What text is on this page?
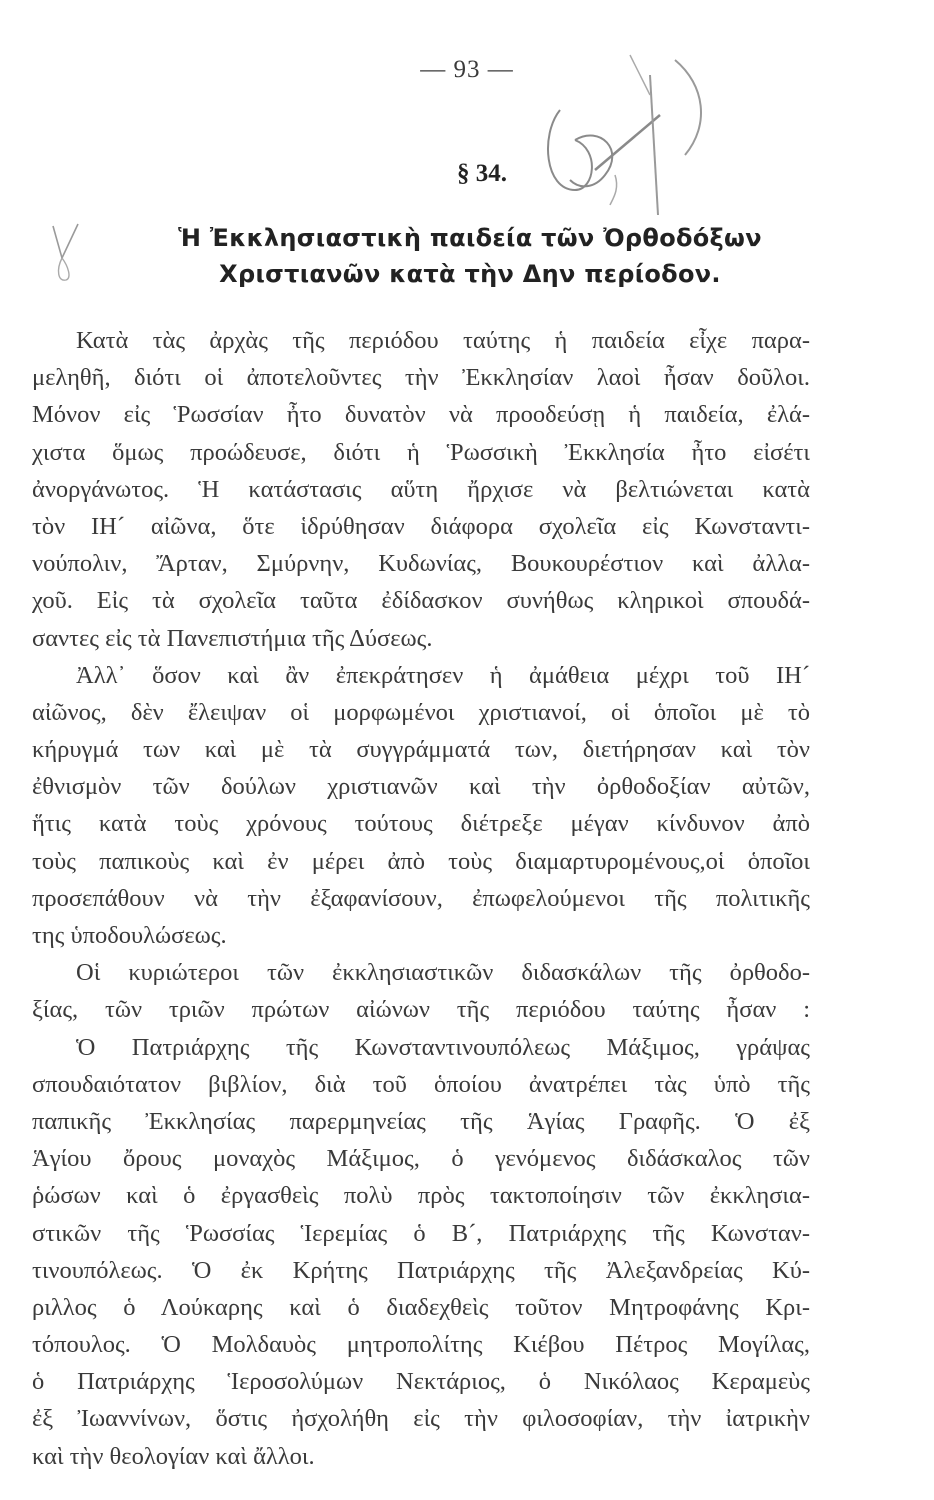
— 93 —
§ 34.
Ἡ Ἐκκλησιαστικὴ παιδεία τῶν Ὀρθοδόξων
Χριστιανῶν κατὰ τὴν Δην περίοδον.
Κατὰ τὰς ἀρχὰς τῆς περιόδου ταύτης ἡ παιδεία εἶχε παρα-
μεληθῆ, διότι οἱ ἀποτελοῦντες τὴν Ἐκκλησίαν λαοὶ ἦσαν δοῦλοι.
Μόνον εἰς Ῥωσσίαν ἦτο δυνατὸν νὰ προοδεύσῃ ἡ παιδεία, ἐλά-
χιστα ὅμως προώδευσε, διότι ἡ Ῥωσσικὴ Ἐκκλησία ἦτο εἰσέτι
ἀνοργάνωτος. Ἡ κατάστασις αὕτη ἤρχισε νὰ βελτιώνεται κατὰ
τὸν ΙΗ´ αἰῶνα, ὅτε ἱδρύθησαν διάφορα σχολεῖα εἰς Κωνσταντι-
νούπολιν, Ἄρταν, Σμύρνην, Κυδωνίας, Βουκουρέστιον καὶ ἀλλα-
χοῦ. Εἰς τὰ σχολεῖα ταῦτα ἐδίδασκον συνήθως κληρικοὶ σπουδά-
σαντες εἰς τὰ Πανεπιστήμια τῆς Δύσεως.
Ἀλλ᾽ ὅσον καὶ ἂν ἐπεκράτησεν ἡ ἀμάθεια μέχρι τοῦ ΙΗ´
αἰῶνος, δὲν ἔλειψαν οἱ μορφωμένοι χριστιανοί, οἱ ὁποῖοι μὲ τὸ
κήρυγμά των καὶ μὲ τὰ συγγράμματά των, διετήρησαν καὶ τὸν
ἐθνισμὸν τῶν δούλων χριστιανῶν καὶ τὴν ὀρθοδοξίαν αὐτῶν,
ἥτις κατὰ τοὺς χρόνους τούτους διέτρεξε μέγαν κίνδυνον ἀπὸ
τοὺς παπικοὺς καὶ ἐν μέρει ἀπὸ τοὺς διαμαρτυρομένους,οἱ ὁποῖοι
προσεπάθουν νὰ τὴν ἐξαφανίσουν, ἐπωφελούμενοι τῆς πολιτικῆς
της ὑποδουλώσεως.
Οἱ κυριώτεροι τῶν ἐκκλησιαστικῶν διδασκάλων τῆς ὀρθοδο-
ξίας, τῶν τριῶν πρώτων αἰώνων τῆς περιόδου ταύτης ἦσαν :
Ὁ Πατριάρχης τῆς Κωνσταντινουπόλεως Μάξιμος, γράψας
σπουδαιότατον βιβλίον, διὰ τοῦ ὁποίου ἀνατρέπει τὰς ὑπὸ τῆς
παπικῆς Ἐκκλησίας παρερμηνείας τῆς Ἁγίας Γραφῆς. Ὁ ἐξ
Ἁγίου ὄρους μοναχὸς Μάξιμος, ὁ γενόμενος διδάσκαλος τῶν
ῥώσων καὶ ὁ ἐργασθεὶς πολὺ πρὸς τακτοποίησιν τῶν ἐκκλησια-
στικῶν τῆς Ῥωσσίας Ἱερεμίας ὁ Β´, Πατριάρχης τῆς Κωνσταν-
τινουπόλεως. Ὁ ἐκ Κρήτης Πατριάρχης τῆς Ἀλεξανδρείας Κύ-
ριλλος ὁ Λούκαρης καὶ ὁ διαδεχθεὶς τοῦτον Μητροφάνης Κρι-
τόπουλος. Ὁ Μολδαυὸς μητροπολίτης Κιέβου Πέτρος Μογίλας,
ὁ Πατριάρχης Ἱεροσολύμων Νεκτάριος, ὁ Νικόλαος Κεραμεὺς
ἐξ Ἰωαννίνων, ὅστις ἠσχολήθη εἰς τὴν φιλοσοφίαν, τὴν ἰατρικὴν
καὶ τὴν θεολογίαν καὶ ἄλλοι.
